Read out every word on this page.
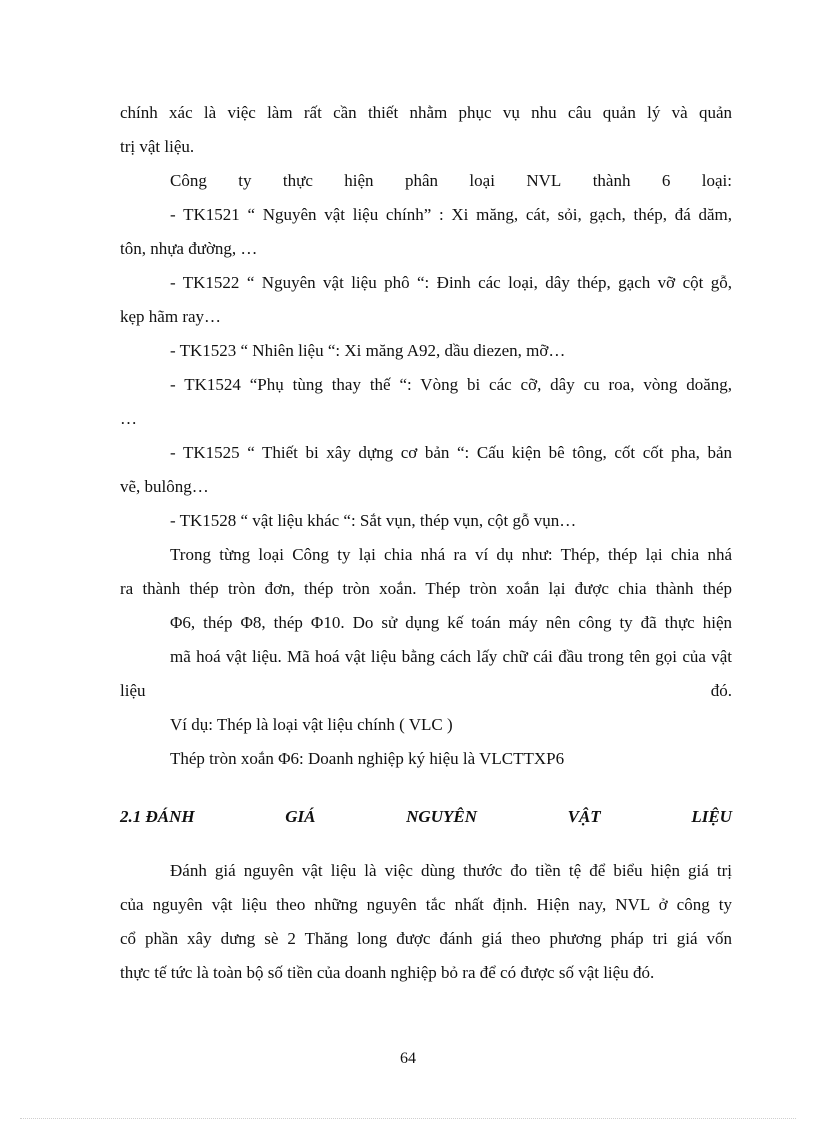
chính xác là việc làm rất cần thiết nhằm phục vụ nhu câu quản lý và quản
trị vật liệu.
Công ty thực hiện phân loại NVL thành 6 loại:
- TK1521 “ Nguyên vật liệu chính” : Xi măng, cát, sỏi, gạch, thép, đá dăm,
tôn, nhựa đường, …
- TK1522 “ Nguyên vật liệu phô “: Đinh các loại, dây thép, gạch vỡ cột gỗ,
kẹp hãm ray…
- TK1523 “ Nhiên liệu “: Xi măng A92, dầu diezen, mỡ…
- TK1524 “Phụ tùng thay thế “: Vòng bi các cỡ, dây cu roa, vòng doăng,
…
- TK1525 “ Thiết bi xây dựng cơ bản “: Cấu kiện bê tông, cốt cốt pha, bản
vẽ, bulông…
- TK1528 “ vật liệu khác “: Sắt vụn, thép vụn, cột gỗ vụn…
Trong từng loại Công ty lại chia nhá ra ví dụ như: Thép, thép lại chia nhá
ra thành thép tròn đơn, thép tròn xoắn. Thép tròn xoắn lại được chia thành thép
Φ6, thép Φ8, thép Φ10. Do sử dụng kế toán máy nên công ty đã thực hiện
mã hoá vật liệu. Mã hoá vật liệu bằng cách lấy chữ cái đầu trong tên gọi của vật
liệu	đó.
Ví dụ: Thép là loại vật liệu chính ( VLC )
Thép tròn xoắn Φ6: Doanh nghiệp ký hiệu là VLCTTXP6
2.1 ĐÁNH	GIÁ	NGUYÊN	VẬT	LIỆU
Đánh giá nguyên vật liệu là việc dùng thước đo tiền tệ để biểu hiện giá trị
của nguyên vật liệu theo những nguyên tắc nhất định. Hiện nay, NVL ở công ty
cổ phần xây dưng sè 2 Thăng long được đánh giá theo phương pháp tri giá vốn
thực tế tức là toàn bộ số tiền của doanh nghiệp bỏ ra để có được số vật liệu đó.
64
